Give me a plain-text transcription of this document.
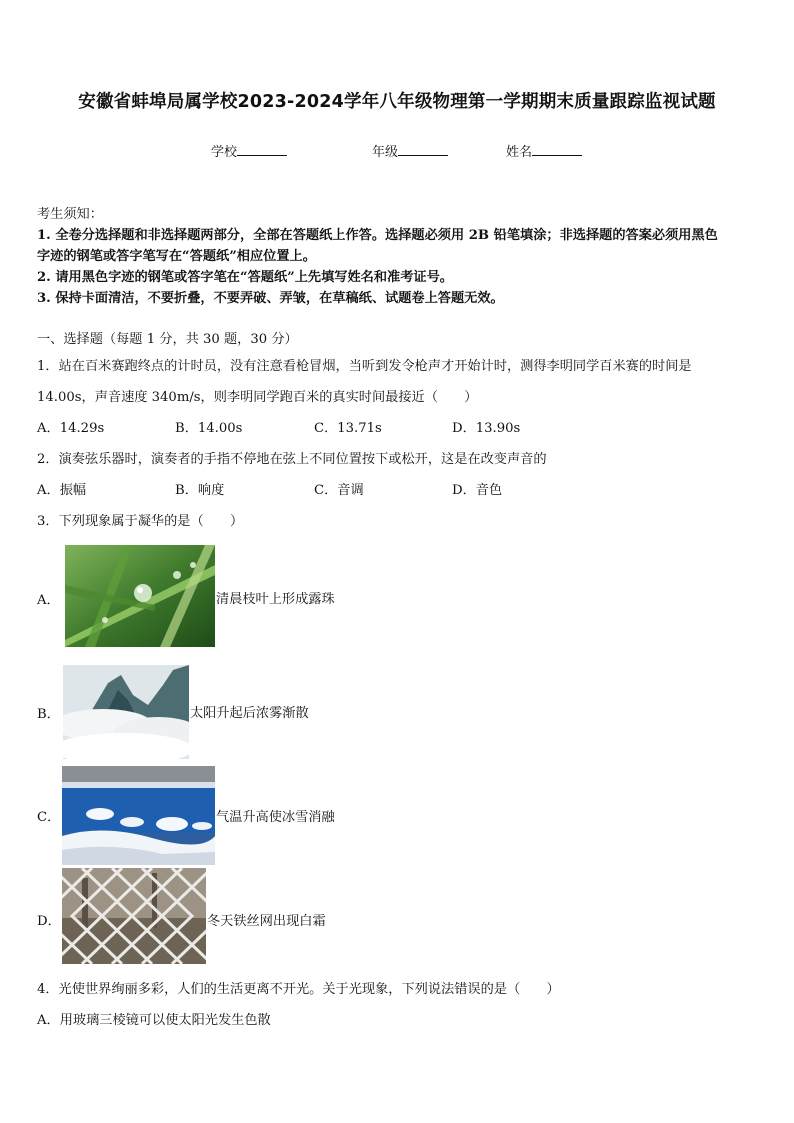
安徽省蚌埠局属学校2023-2024学年八年级物理第一学期期末质量跟踪监视试题
学校	年级	姓名
考生须知：
1. 全卷分选择题和非选择题两部分，全部在答题纸上作答。选择题必须用 2B 铅笔填涂；非选择题的答案必须用黑色
字迹的钢笔或答字笔写在“答题纸”相应位置上。
2. 请用黑色字迹的钢笔或答字笔在“答题纸”上先填写姓名和准考证号。
3. 保持卡面清洁，不要折叠，不要弄破、弄皱，在草稿纸、试题卷上答题无效。
一、选择题（每题 1 分，共 30 题，30 分）
1．站在百米赛跑终点的计时员，没有注意看枪冒烟，当听到发令枪声才开始计时，测得李明同学百米赛的时间是
14.00s，声音速度 340m/s，则李明同学跑百米的真实时间最接近（　　）
A．14.29s	B．14.00s	C．13.71s	D．13.90s
2．演奏弦乐器时，演奏者的手指不停地在弦上不同位置按下或松开，这是在改变声音的
A．振幅	B．响度	C．音调	D．音色
3．下列现象属于凝华的是（　　）
A．	清晨枝叶上形成露珠
B．	太阳升起后浓雾渐散
C．	气温升高使冰雪消融
D．	冬天铁丝网出现白霜
4．光使世界绚丽多彩，人们的生活更离不开光。关于光现象，下列说法错误的是（　　）
A．用玻璃三棱镜可以使太阳光发生色散
